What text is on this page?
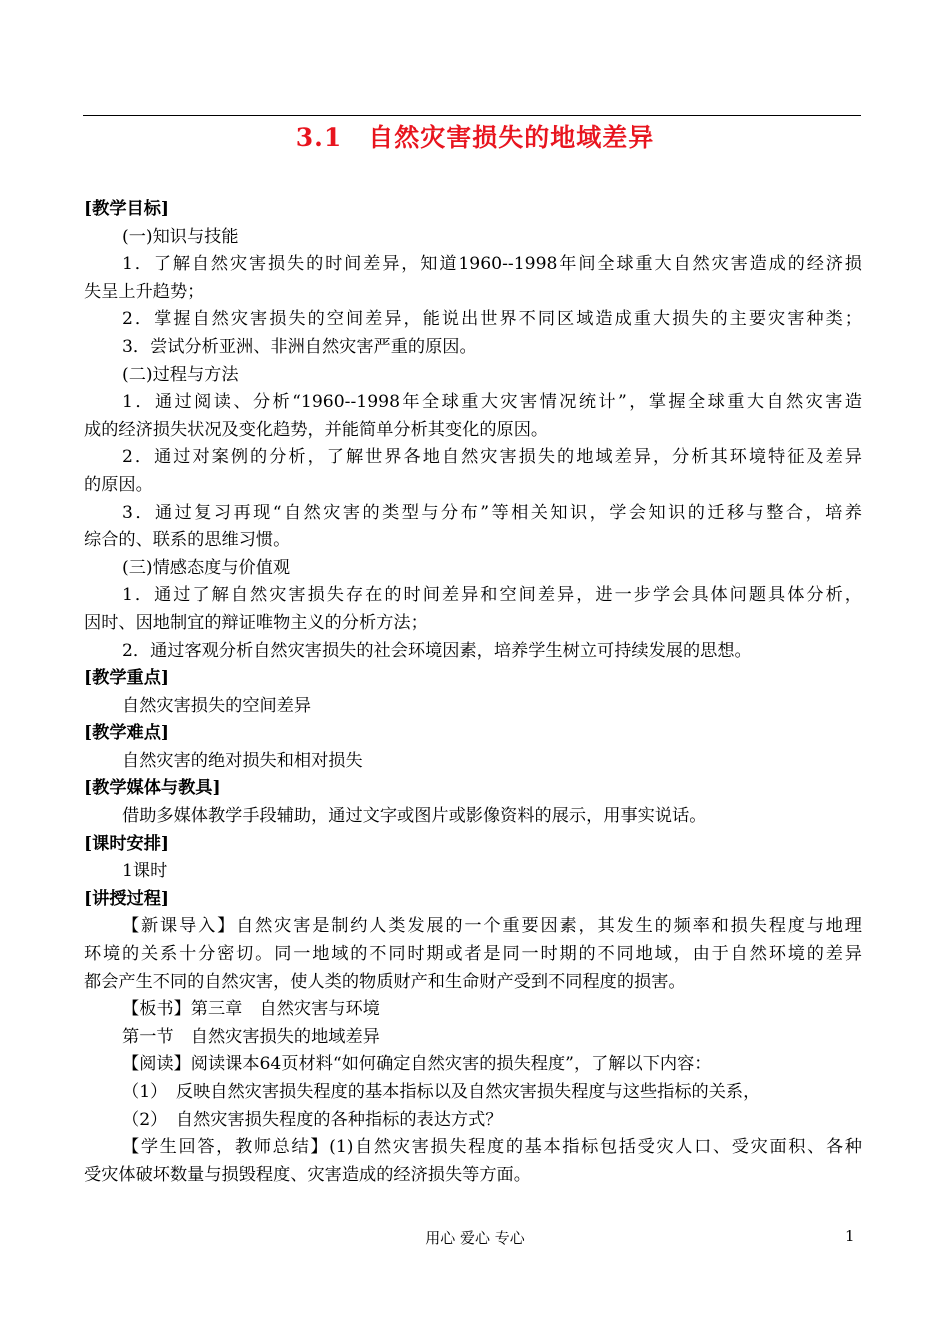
3.1　自然灾害损失的地域差异
[教学目标]
(一)知识与技能
1．了解自然灾害损失的时间差异，知道1960--1998年间全球重大自然灾害造成的经济损
失呈上升趋势；
2．掌握自然灾害损失的空间差异，能说出世界不同区域造成重大损失的主要灾害种类；
3．尝试分析亚洲、非洲自然灾害严重的原因。
(二)过程与方法
1．通过阅读、分析“1960--1998年全球重大灾害情况统计”，掌握全球重大自然灾害造
成的经济损失状况及变化趋势，并能简单分析其变化的原因。
2．通过对案例的分析，了解世界各地自然灾害损失的地域差异，分析其环境特征及差异
的原因。
3．通过复习再现“自然灾害的类型与分布”等相关知识，学会知识的迁移与整合，培养
综合的、联系的思维习惯。
(三)情感态度与价值观
1．通过了解自然灾害损失存在的时间差异和空间差异，进一步学会具体问题具体分析，
因时、因地制宜的辩证唯物主义的分析方法；
2．通过客观分析自然灾害损失的社会环境因素，培养学生树立可持续发展的思想。
[教学重点]
自然灾害损失的空间差异
[教学难点]
自然灾害的绝对损失和相对损失
[教学媒体与教具]
借助多媒体教学手段辅助，通过文字或图片或影像资料的展示，用事实说话。
[课时安排]
1课时
[讲授过程]
【新课导入】自然灾害是制约人类发展的一个重要因素，其发生的频率和损失程度与地理
环境的关系十分密切。同一地域的不同时期或者是同一时期的不同地域，由于自然环境的差异
都会产生不同的自然灾害，使人类的物质财产和生命财产受到不同程度的损害。
【板书】第三章　自然灾害与环境
第一节　自然灾害损失的地域差异
【阅读】阅读课本64页材料“如何确定自然灾害的损失程度”，了解以下内容：
（1）　反映自然灾害损失程度的基本指标以及自然灾害损失程度与这些指标的关系，
（2）　自然灾害损失程度的各种指标的表达方式？
【学生回答，教师总结】(1)自然灾害损失程度的基本指标包括受灾人口、受灾面积、各种
受灾体破坏数量与损毁程度、灾害造成的经济损失等方面。
用心 爱心 专心	1
